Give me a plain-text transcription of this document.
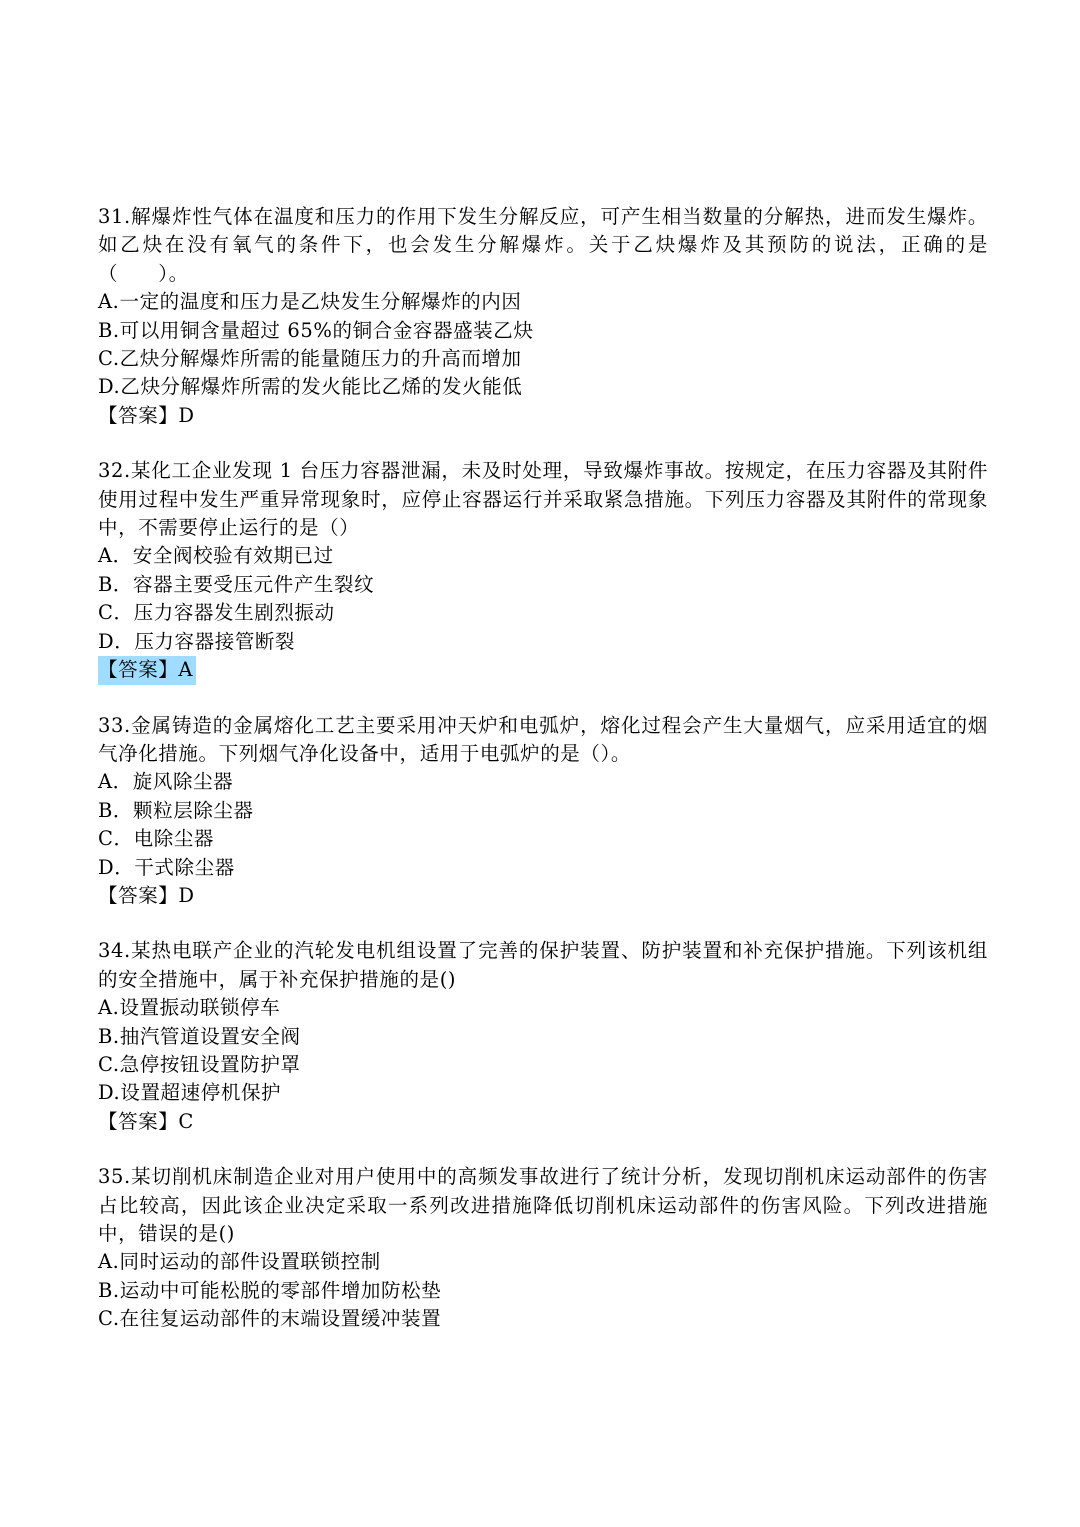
31.解爆炸性气体在温度和压力的作用下发生分解反应，可产生相当数量的分解热，进而发生爆炸。如乙炔在没有氧气的条件下，也会发生分解爆炸。关于乙炔爆炸及其预防的说法，正确的是（　　）。

A.一定的温度和压力是乙炔发生分解爆炸的内因
B.可以用铜含量超过 65%的铜合金容器盛装乙炔
C.乙炔分解爆炸所需的能量随压力的升高而增加
D.乙炔分解爆炸所需的发火能比乙烯的发火能低

【答案】D

32.某化工企业发现 1 台压力容器泄漏，未及时处理，导致爆炸事故。按规定，在压力容器及其附件使用过程中发生严重异常现象时，应停止容器运行并采取紧急措施。下列压力容器及其附件的常现象中，不需要停止运行的是（）

A．安全阀校验有效期已过
B．容器主要受压元件产生裂纹
C．压力容器发生剧烈振动
D．压力容器接管断裂

【答案】A

33.金属铸造的金属熔化工艺主要采用冲天炉和电弧炉，熔化过程会产生大量烟气，应采用适宜的烟气净化措施。下列烟气净化设备中，适用于电弧炉的是（）。

A．旋风除尘器
B．颗粒层除尘器
C．电除尘器
D．干式除尘器

【答案】D

34.某热电联产企业的汽轮发电机组设置了完善的保护装置、防护装置和补充保护措施。下列该机组的安全措施中，属于补充保护措施的是()

A.设置振动联锁停车
B.抽汽管道设置安全阀
C.急停按钮设置防护罩
D.设置超速停机保护

【答案】C

35.某切削机床制造企业对用户使用中的高频发事故进行了统计分析，发现切削机床运动部件的伤害占比较高，因此该企业决定采取一系列改进措施降低切削机床运动部件的伤害风险。下列改进措施中，错误的是()

A.同时运动的部件设置联锁控制
B.运动中可能松脱的零部件增加防松垫
C.在往复运动部件的末端设置缓冲装置
